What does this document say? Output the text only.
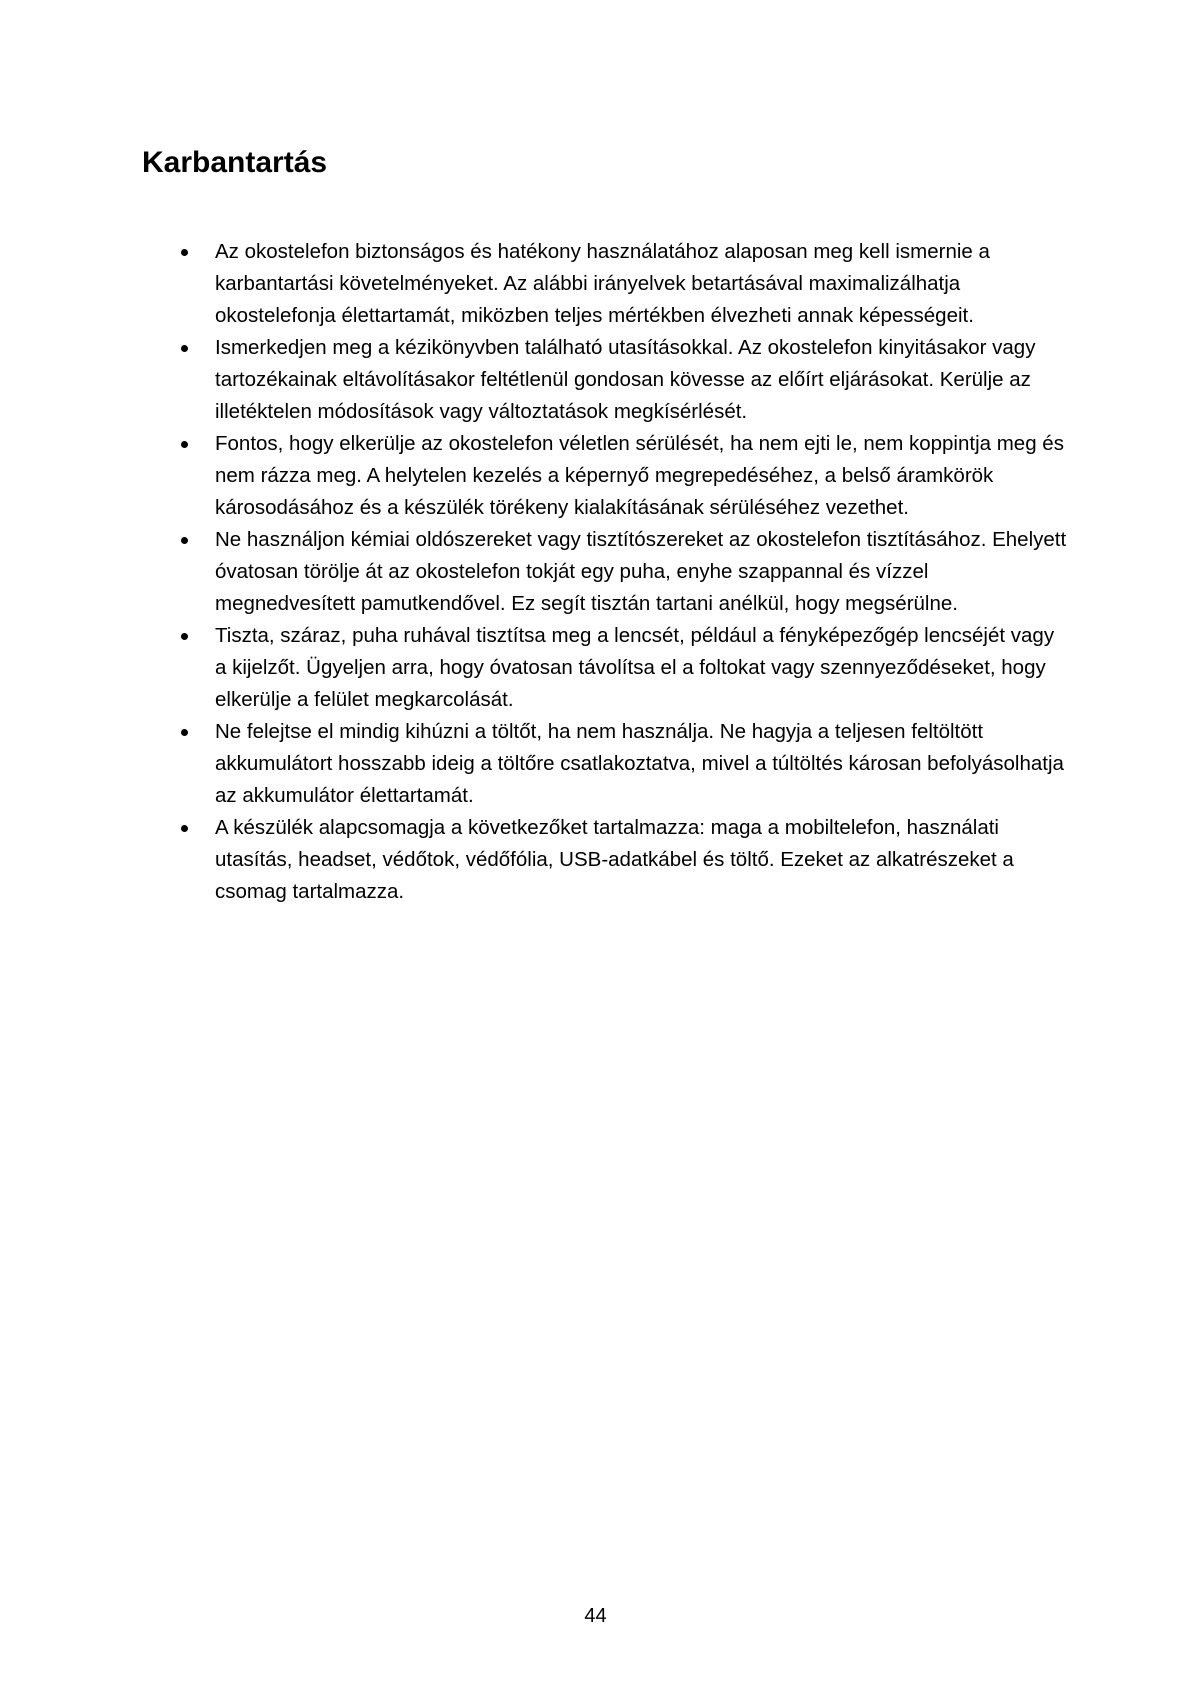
Karbantartás
Az okostelefon biztonságos és hatékony használatához alaposan meg kell ismernie a karbantartási követelményeket. Az alábbi irányelvek betartásával maximalizálhatja okostelefonja élettartamát, miközben teljes mértékben élvezheti annak képességeit.
Ismerkedjen meg a kézikönyvben található utasításokkal. Az okostelefon kinyitásakor vagy tartozékainak eltávolításakor feltétlenül gondosan kövesse az előírt eljárásokat. Kerülje az illetéktelen módosítások vagy változtatások megkísérlését.
Fontos, hogy elkerülje az okostelefon véletlen sérülését, ha nem ejti le, nem koppintja meg és nem rázza meg. A helytelen kezelés a képernyő megrepedéséhez, a belső áramkörök károsodásához és a készülék törékeny kialakításának sérüléséhez vezethet.
Ne használjon kémiai oldószereket vagy tisztítószereket az okostelefon tisztításához. Ehelyett óvatosan törölje át az okostelefon tokját egy puha, enyhe szappannal és vízzel megnedvesített pamutkendővel. Ez segít tisztán tartani anélkül, hogy megsérülne.
Tiszta, száraz, puha ruhával tisztítsa meg a lencsét, például a fényképezőgép lencséjét vagy a kijelzőt. Ügyeljen arra, hogy óvatosan távolítsa el a foltokat vagy szennyeződéseket, hogy elkerülje a felület megkarcolását.
Ne felejtse el mindig kihúzni a töltőt, ha nem használja. Ne hagyja a teljesen feltöltött akkumulátort hosszabb ideig a töltőre csatlakoztatva, mivel a túltöltés károsan befolyásolhatja az akkumulátor élettartamát.
A készülék alapcsomagja a következőket tartalmazza: maga a mobiltelefon, használati utasítás, headset, védőtok, védőfólia, USB-adatkábel és töltő. Ezeket az alkatrészeket a csomag tartalmazza.
44
